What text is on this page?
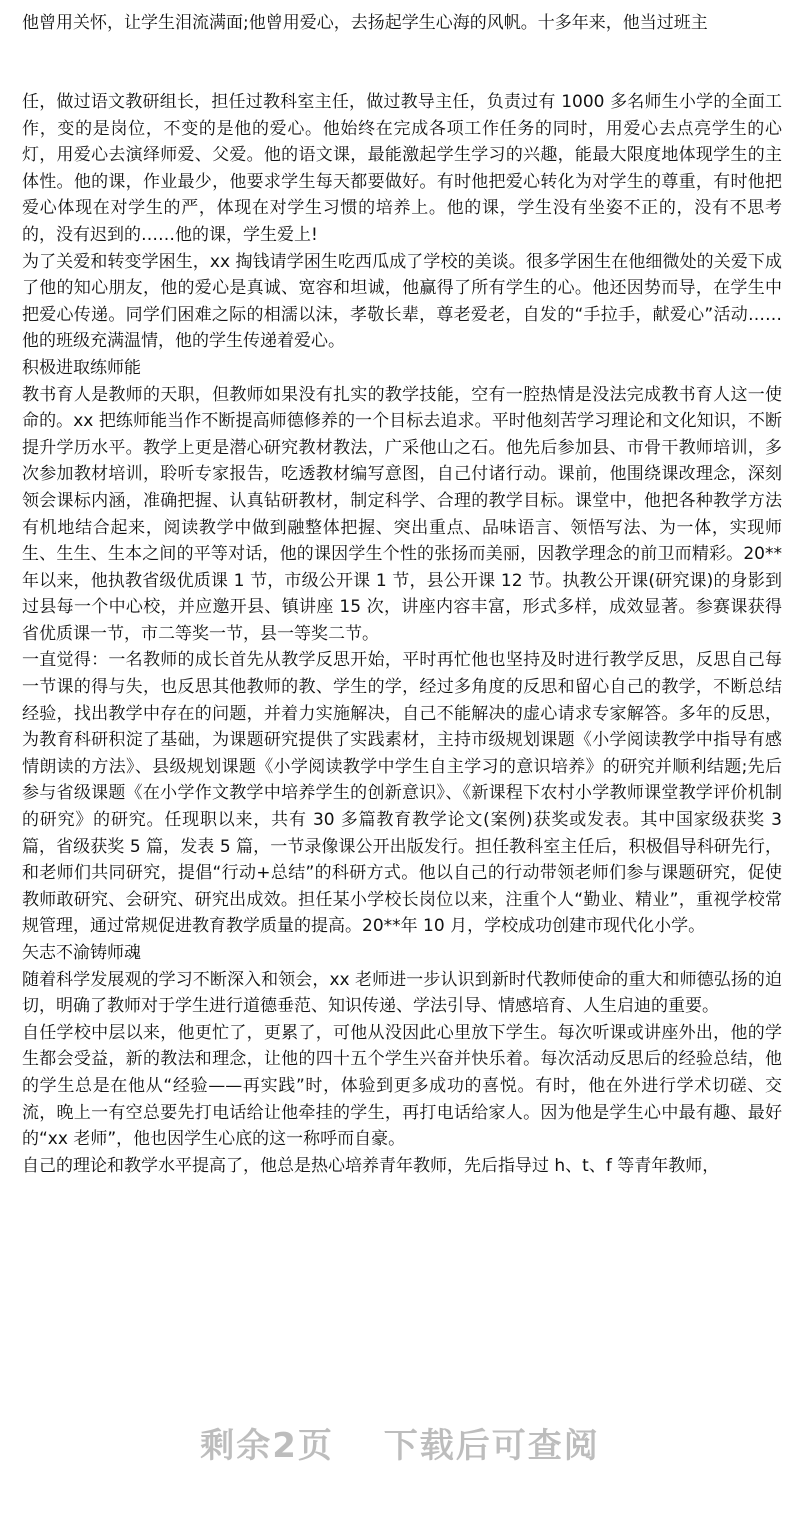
他曾用关怀，让学生泪流满面;他曾用爱心，去扬起学生心海的风帆。十多年来，他当过班主

任，做过语文教研组长，担任过教科室主任，做过教导主任，负责过有 1000 多名师生小学的全面工作，变的是岗位，不变的是他的爱心。他始终在完成各项工作任务的同时，用爱心去点亮学生的心灯，用爱心去演绎师爱、父爱。他的语文课，最能激起学生学习的兴趣，能最大限度地体现学生的主体性。他的课，作业最少，他要求学生每天都要做好。有时他把爱心转化为对学生的尊重，有时他把爱心体现在对学生的严，体现在对学生习惯的培养上。他的课，学生没有坐姿不正的，没有不思考的，没有迟到的……他的课，学生爱上!

为了关爱和转变学困生，xx 掏钱请学困生吃西瓜成了学校的美谈。很多学困生在他细微处的关爱下成了他的知心朋友，他的爱心是真诚、宽容和坦诚，他赢得了所有学生的心。他还因势而导，在学生中把爱心传递。同学们困难之际的相濡以沫，孝敬长辈，尊老爱老，自发的“手拉手，献爱心”活动……他的班级充满温情，他的学生传递着爱心。

积极进取练师能

教书育人是教师的天职，但教师如果没有扎实的教学技能，空有一腔热情是没法完成教书育人这一使命的。xx 把练师能当作不断提高师德修养的一个目标去追求。平时他刻苦学习理论和文化知识，不断提升学历水平。教学上更是潜心研究教材教法，广采他山之石。他先后参加县、市骨干教师培训，多次参加教材培训，聆听专家报告，吃透教材编写意图，自己付诸行动。课前，他围绕课改理念，深刻领会课标内涵，准确把握、认真钻研教材，制定科学、合理的教学目标。课堂中，他把各种教学方法有机地结合起来，阅读教学中做到融整体把握、突出重点、品味语言、领悟写法、为一体，实现师生、生生、生本之间的平等对话，他的课因学生个性的张扬而美丽，因教学理念的前卫而精彩。20**年以来，他执教省级优质课 1 节，市级公开课 1 节，县公开课 12 节。执教公开课(研究课)的身影到过县每一个中心校，并应邀开县、镇讲座 15 次，讲座内容丰富，形式多样，成效显著。参赛课获得省优质课一节，市二等奖一节，县一等奖二节。

一直觉得：一名教师的成长首先从教学反思开始，平时再忙他也坚持及时进行教学反思，反思自己每一节课的得与失，也反思其他教师的教、学生的学，经过多角度的反思和留心自己的教学，不断总结经验，找出教学中存在的问题，并着力实施解决，自己不能解决的虚心请求专家解答。多年的反思，为教育科研积淀了基础，为课题研究提供了实践素材，主持市级规划课题《小学阅读教学中指导有感情朗读的方法》、县级规划课题《小学阅读教学中学生自主学习的意识培养》的研究并顺利结题;先后参与省级课题《在小学作文教学中培养学生的创新意识》、《新课程下农村小学教师课堂教学评价机制的研究》的研究。任现职以来，共有 30 多篇教育教学论文(案例)获奖或发表。其中国家级获奖 3 篇，省级获奖 5 篇，发表 5 篇，一节录像课公开出版发行。担任教科室主任后，积极倡导科研先行，和老师们共同研究，提倡“行动+总结”的科研方式。他以自己的行动带领老师们参与课题研究，促使教师敢研究、会研究、研究出成效。担任某小学校长岗位以来，注重个人“勤业、精业”，重视学校常规管理，通过常规促进教育教学质量的提高。20**年 10 月，学校成功创建市现代化小学。

矢志不渝铸师魂

随着科学发展观的学习不断深入和领会，xx 老师进一步认识到新时代教师使命的重大和师德弘扬的迫切，明确了教师对于学生进行道德垂范、知识传递、学法引导、情感培育、人生启迪的重要。

自任学校中层以来，他更忙了，更累了，可他从没因此心里放下学生。每次听课或讲座外出，他的学生都会受益，新的教法和理念，让他的四十五个学生兴奋并快乐着。每次活动反思后的经验总结，他的学生总是在他从“经验——再实践”时，体验到更多成功的喜悦。有时，他在外进行学术切磋、交流，晚上一有空总要先打电话给让他牵挂的学生，再打电话给家人。因为他是学生心中最有趣、最好的“xx 老师”，他也因学生心底的这一称呼而自豪。

自己的理论和教学水平提高了，他总是热心培养青年教师，先后指导过 h、t、f 等青年教师，

剩余2页 下载后可查阅
